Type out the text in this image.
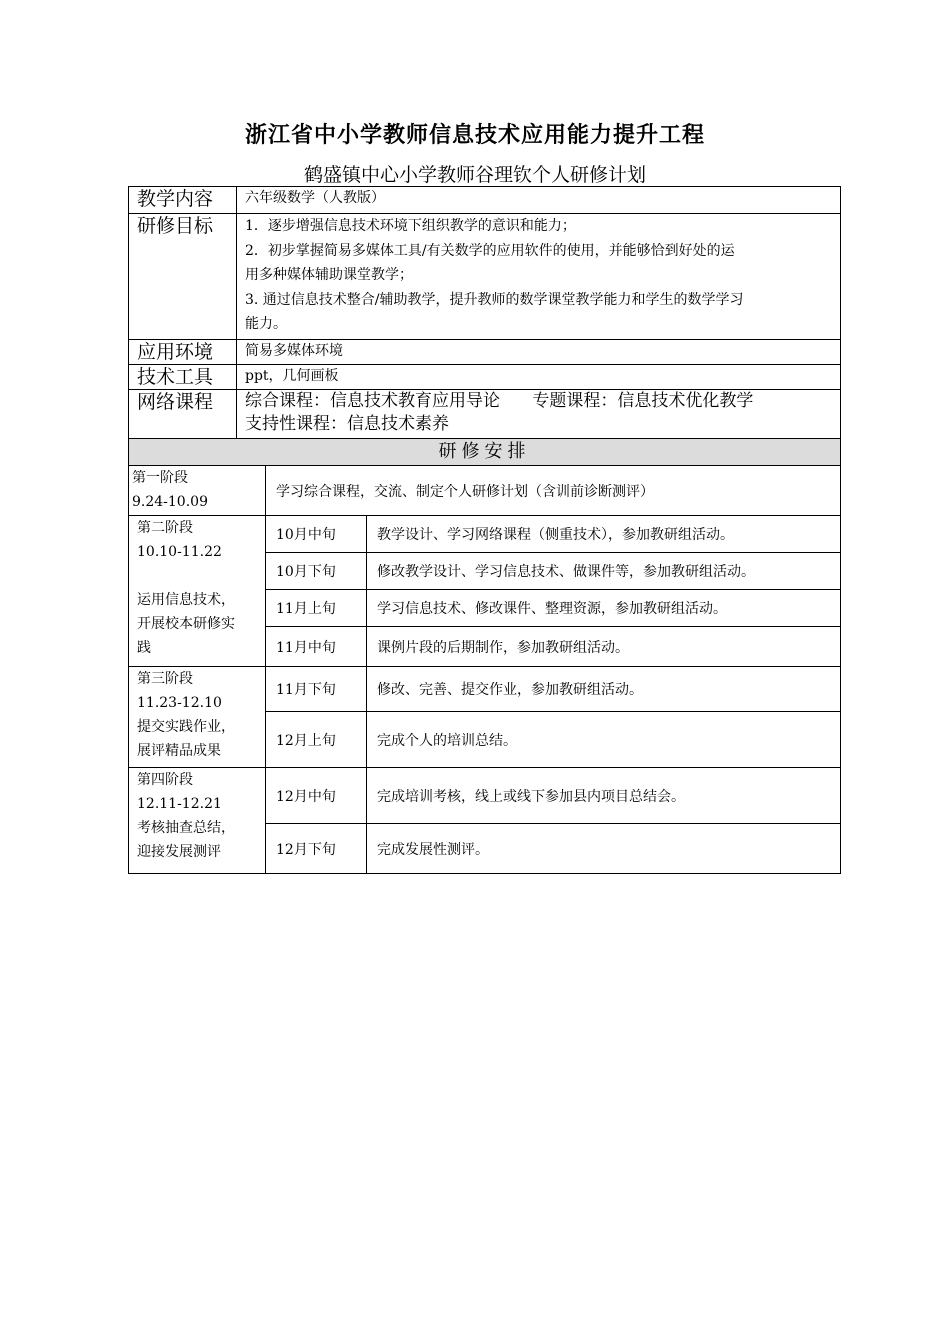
浙江省中小学教师信息技术应用能力提升工程
鹤盛镇中心小学教师谷理钦个人研修计划
教学内容	六年级数学（人教版）
研修目标	1．逐步增强信息技术环境下组织教学的意识和能力；
2．初步掌握简易多媒体工具/有关数学的应用软件的使用，并能够恰到好处的运
用多种媒体辅助课堂教学；
3. 通过信息技术整合/辅助教学，提升教师的数学课堂教学能力和学生的数学学习
能力。

应用环境	简易多媒体环境
技术工具	ppt，几何画板
网络课程	综合课程：信息技术教育应用导论      专题课程：信息技术优化教学
支持性课程：信息技术素养

研修安排	
第一阶段
9.24-10.09	学习综合课程，交流、制定个人研修计划（含训前诊断测评）	

第二阶段
10.10-11.22
运用信息技术，
开展校本研修实
践	10月中旬	教学设计、学习网络课程（侧重技术），参加教研组活动。
	10月下旬	修改教学设计、学习信息技术、做课件等，参加教研组活动。
	11月上旬	学习信息技术、修改课件、整理资源，参加教研组活动。
	11月中旬	课例片段的后期制作，参加教研组活动。

第三阶段
11.23-12.10
提交实践作业，
展评精品成果	11月下旬	修改、完善、提交作业，参加教研组活动。
	12月上旬	完成个人的培训总结。

第四阶段
12.11-12.21
考核抽查总结，
迎接发展测评	12月中旬	完成培训考核，线上或线下参加县内项目总结会。
	12月下旬	完成发展性测评。
